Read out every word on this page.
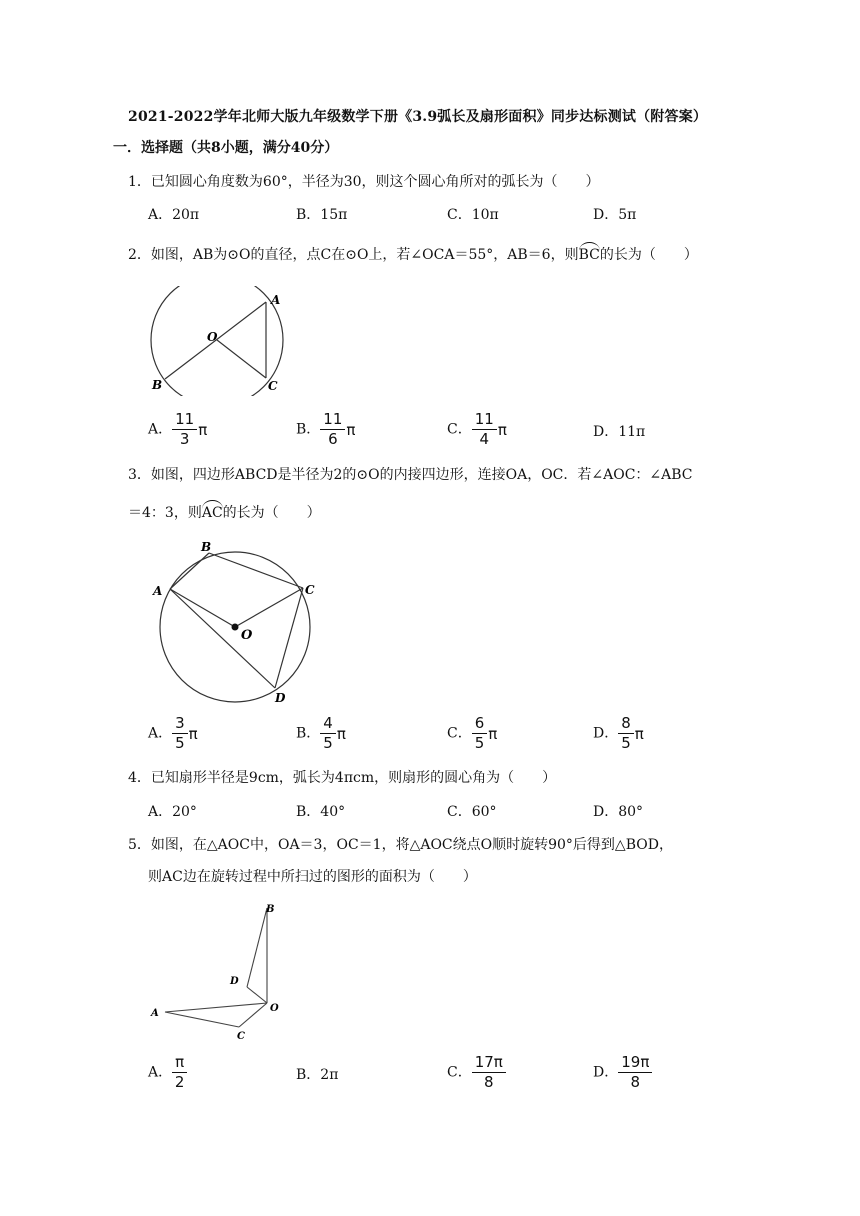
2021-2022学年北师大版九年级数学下册《3.9弧长及扇形面积》同步达标测试（附答案）
一．选择题（共8小题，满分40分）
1．已知圆心角度数为60°，半径为30，则这个圆心角所对的弧长为（　　）
A．20π	B．15π	C．10π	D．5π
2．如图，AB为⊙O的直径，点C在⊙O上，若∠OCA＝55°，AB＝6，则BC的长为（　　）
A
O
B	C
A． $\frac{11}{3}$ π	B． $\frac{11}{6}$ π	C． $\frac{11}{4}$ π	D．11π
3．如图，四边形ABCD是半径为2的⊙O的内接四边形，连接OA，OC．若∠AOC：∠ABC
＝4：3，则AC的长为（　　）
B
A	C
O
D
A． $\frac{3}{5}$ π	B． $\frac{4}{5}$ π	C． $\frac{6}{5}$ π	D． $\frac{8}{5}$ π
4．已知扇形半径是9cm，弧长为4πcm，则扇形的圆心角为（　　）
A．20°	B．40°	C．60°	D．80°
5．如图，在△AOC中，OA＝3，OC＝1，将△AOC绕点O顺时旋转90°后得到△BOD，
则AC边在旋转过程中所扫过的图形的面积为（　　）
B
D
O
A
C
A． $\frac{\pi}{2}$	B．2π	C． $\frac{17\pi}{8}$	D． $\frac{19\pi}{8}$
